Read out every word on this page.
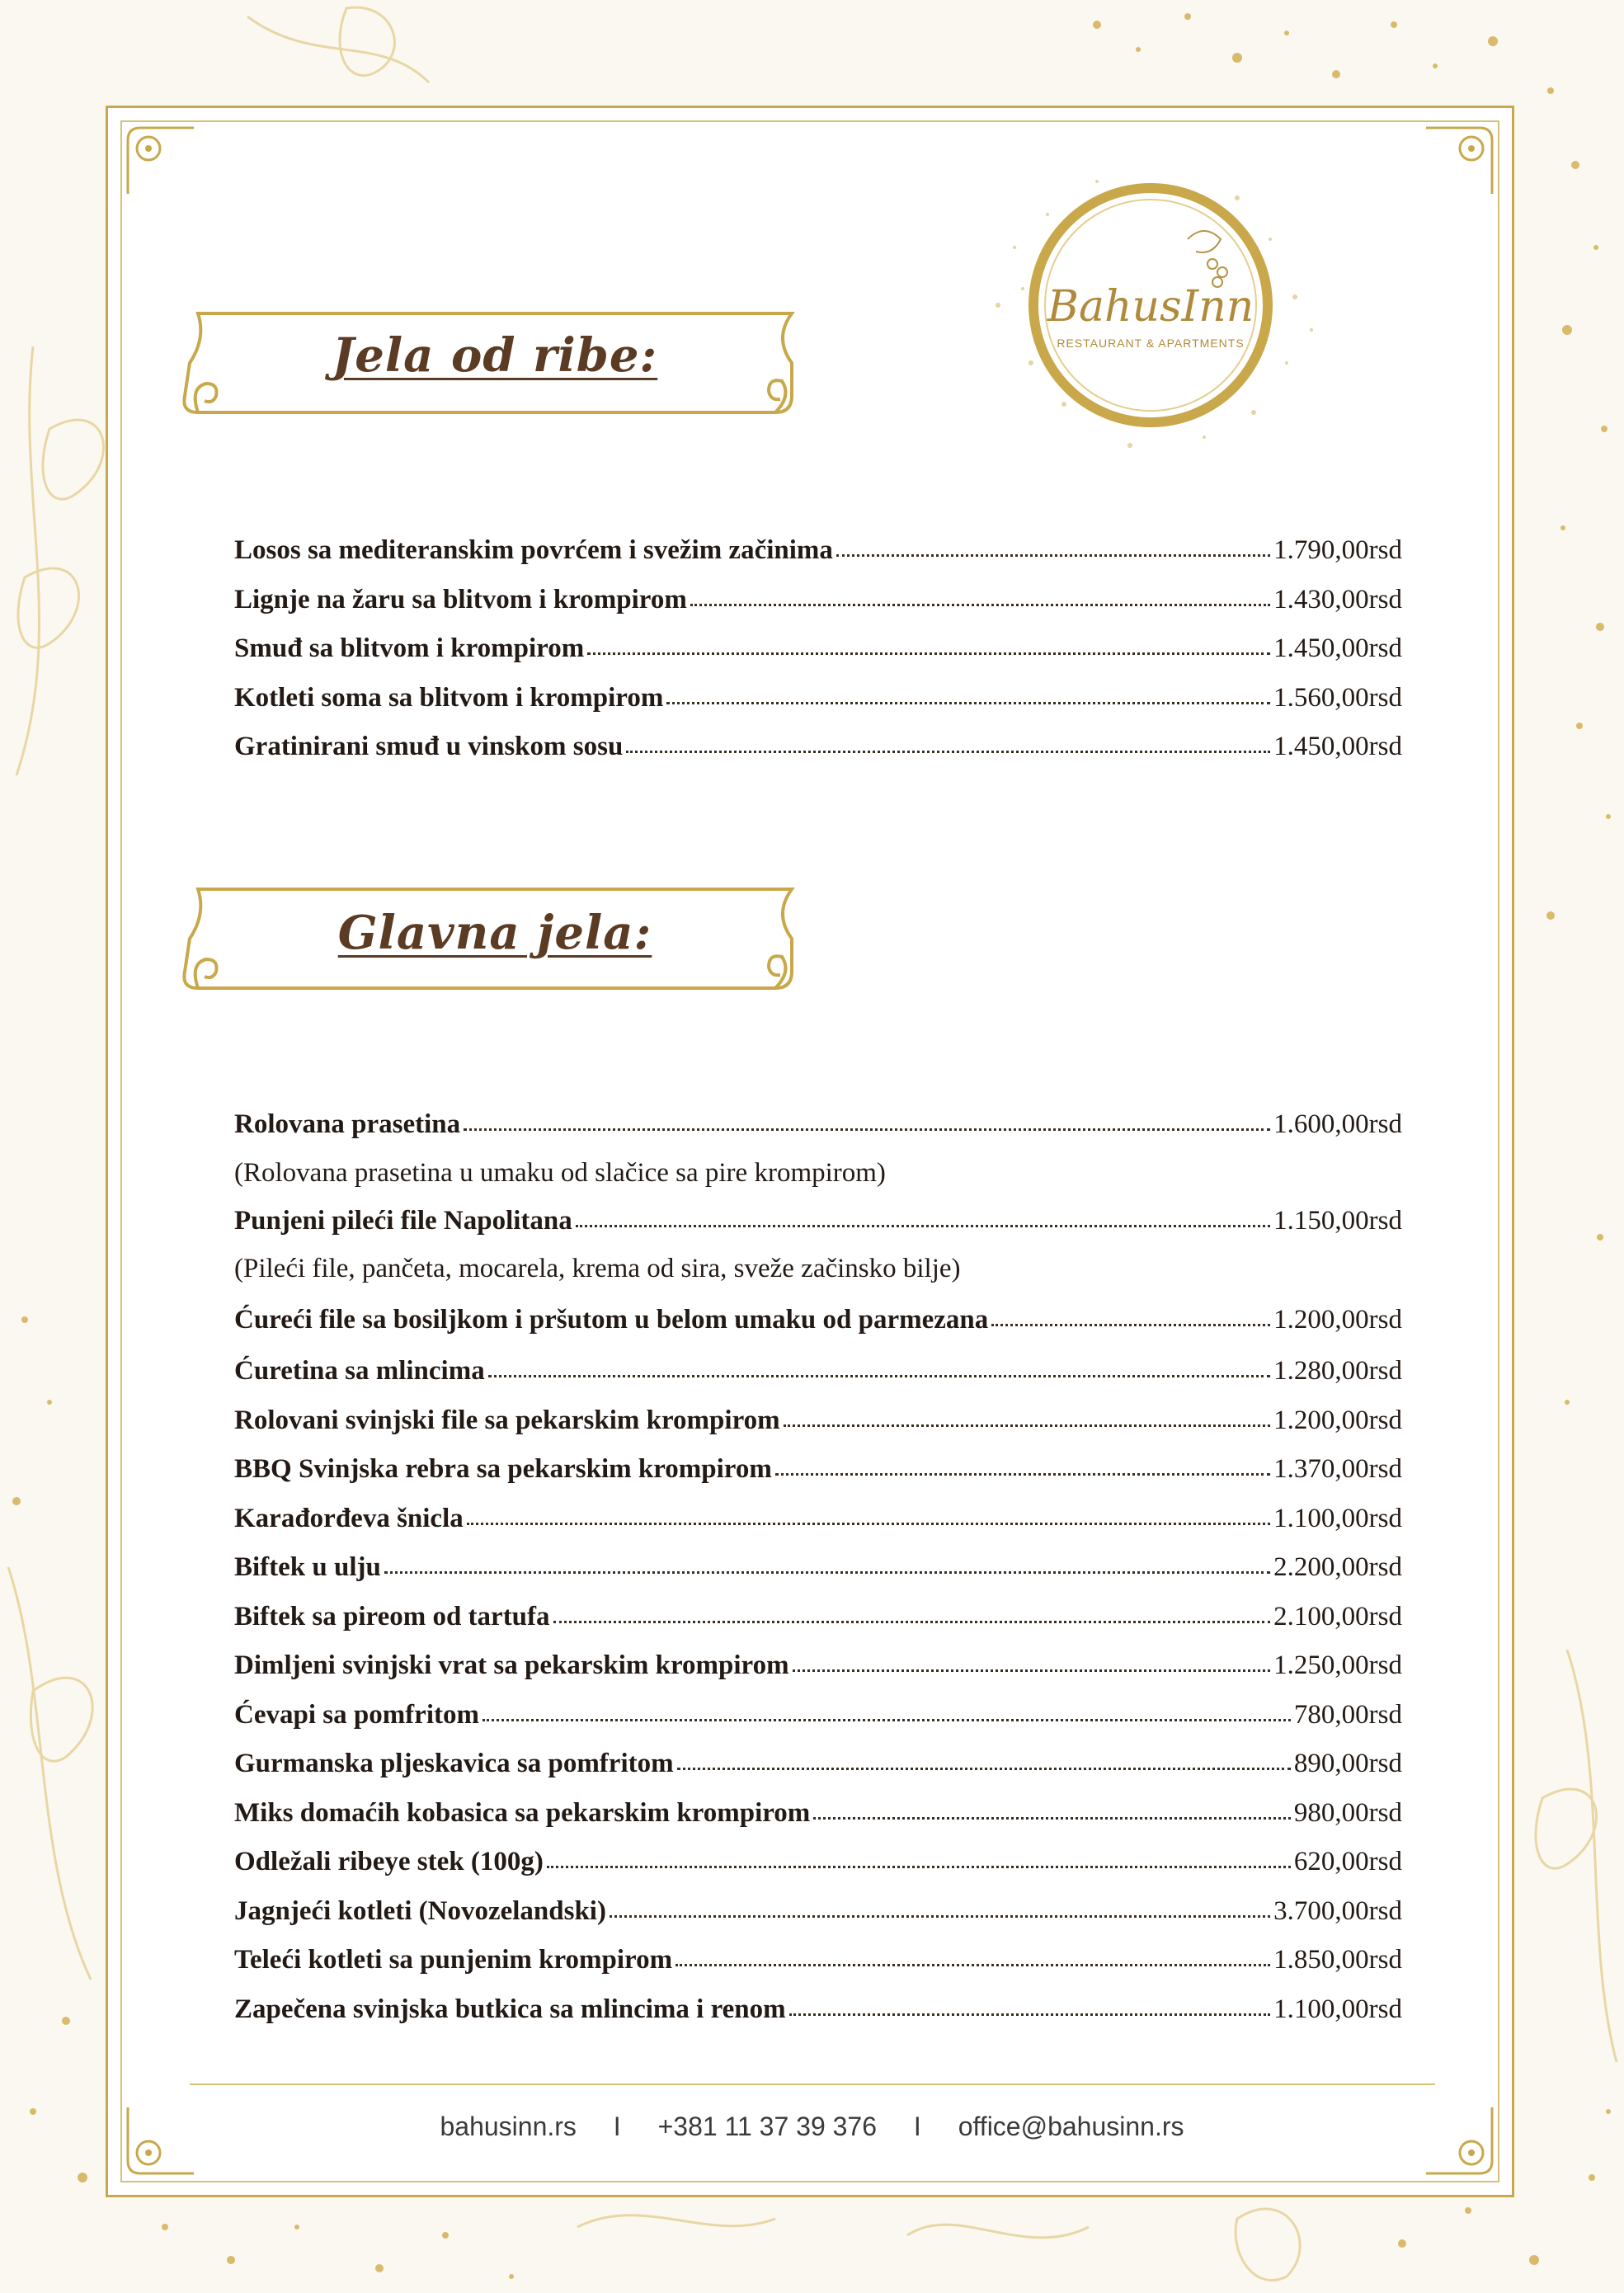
BahusInn
RESTAURANT & APARTMENTS
Jela od ribe:
Losos sa mediteranskim povrćem i svežim začinima	1.790,00rsd
Lignje na žaru sa blitvom i krompirom	1.430,00rsd
Smuđ sa blitvom i krompirom	1.450,00rsd
Kotleti soma sa blitvom i krompirom	1.560,00rsd
Gratinirani smuđ u vinskom sosu	1.450,00rsd
Glavna jela:
Rolovana prasetina	1.600,00rsd
(Rolovana prasetina u umaku od slačice sa pire krompirom)
Punjeni pileći file Napolitana	1.150,00rsd
(Pileći file, pančeta, mocarela, krema od sira, sveže začinsko bilje)
Ćureći file sa bosiljkom i pršutom u belom umaku od parmezana	1.200,00rsd
Ćuretina sa mlincima	1.280,00rsd
Rolovani svinjski file sa pekarskim krompirom	1.200,00rsd
BBQ Svinjska rebra sa pekarskim krompirom	1.370,00rsd
Karađorđeva šnicla	1.100,00rsd
Biftek u ulju	2.200,00rsd
Biftek sa pireom od tartufa	2.100,00rsd
Dimljeni svinjski vrat sa pekarskim krompirom	1.250,00rsd
Ćevapi sa pomfritom	780,00rsd
Gurmanska pljeskavica sa pomfritom	890,00rsd
Miks domaćih kobasica sa pekarskim krompirom	980,00rsd
Odležali ribeye stek (100g)	620,00rsd
Jagnjeći kotleti (Novozelandski)	3.700,00rsd
Teleći kotleti sa punjenim krompirom	1.850,00rsd
Zapečena svinjska butkica sa mlincima i renom	1.100,00rsd
bahusinn.rs I +381 11 37 39 376 I office@bahusinn.rs
